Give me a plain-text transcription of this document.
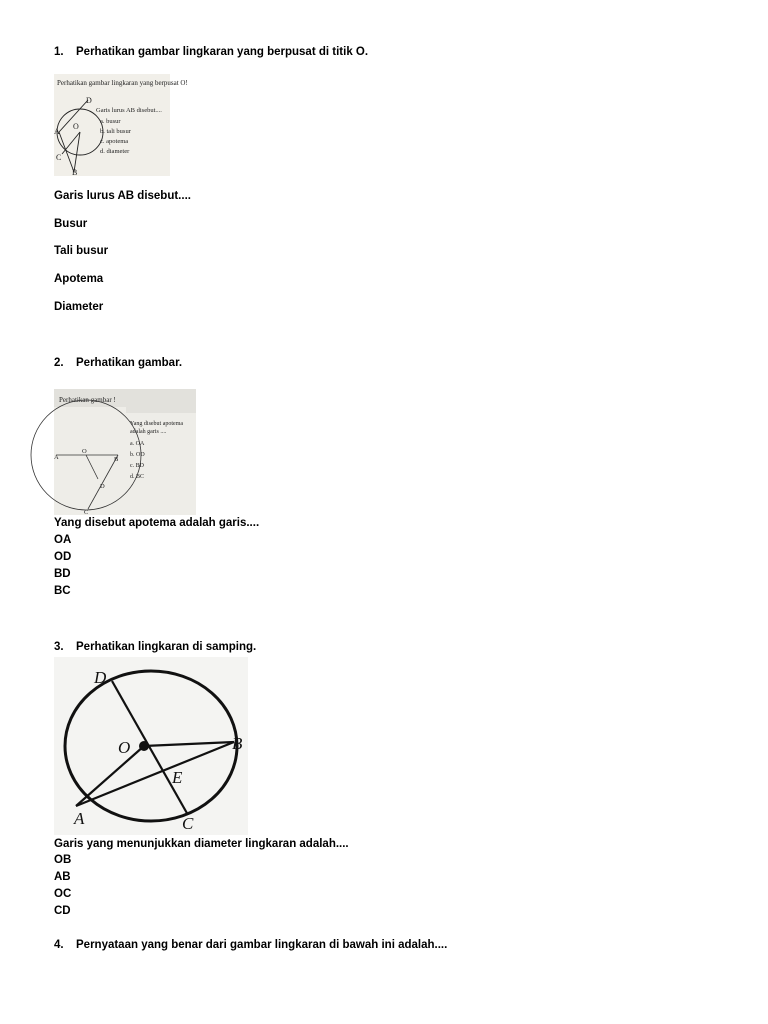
1. Perhatikan gambar lingkaran yang berpusat di titik O.
Perhatikan gambar lingkaran yang berpusat O!
D
O
A
C
B
Garis lurus AB disebut....
a. busur
b. tali busur
c. apotema
d. diameter
Garis lurus AB disebut....
Busur
Tali busur
Apotema
Diameter
2. Perhatikan gambar.
Perhatikan gambar !
A
O
B
D
C
Yang disebut apotema
adalah garis ....
a. OA
b. OD
c. BD
d. BC
Yang disebut apotema adalah garis....
OA
OD
BD
BC
3. Perhatikan lingkaran di samping.
D
O	B
E
A	C
Garis yang menunjukkan diameter lingkaran adalah....
OB
AB
OC
CD
4. Pernyataan yang benar dari gambar lingkaran di bawah ini adalah....
